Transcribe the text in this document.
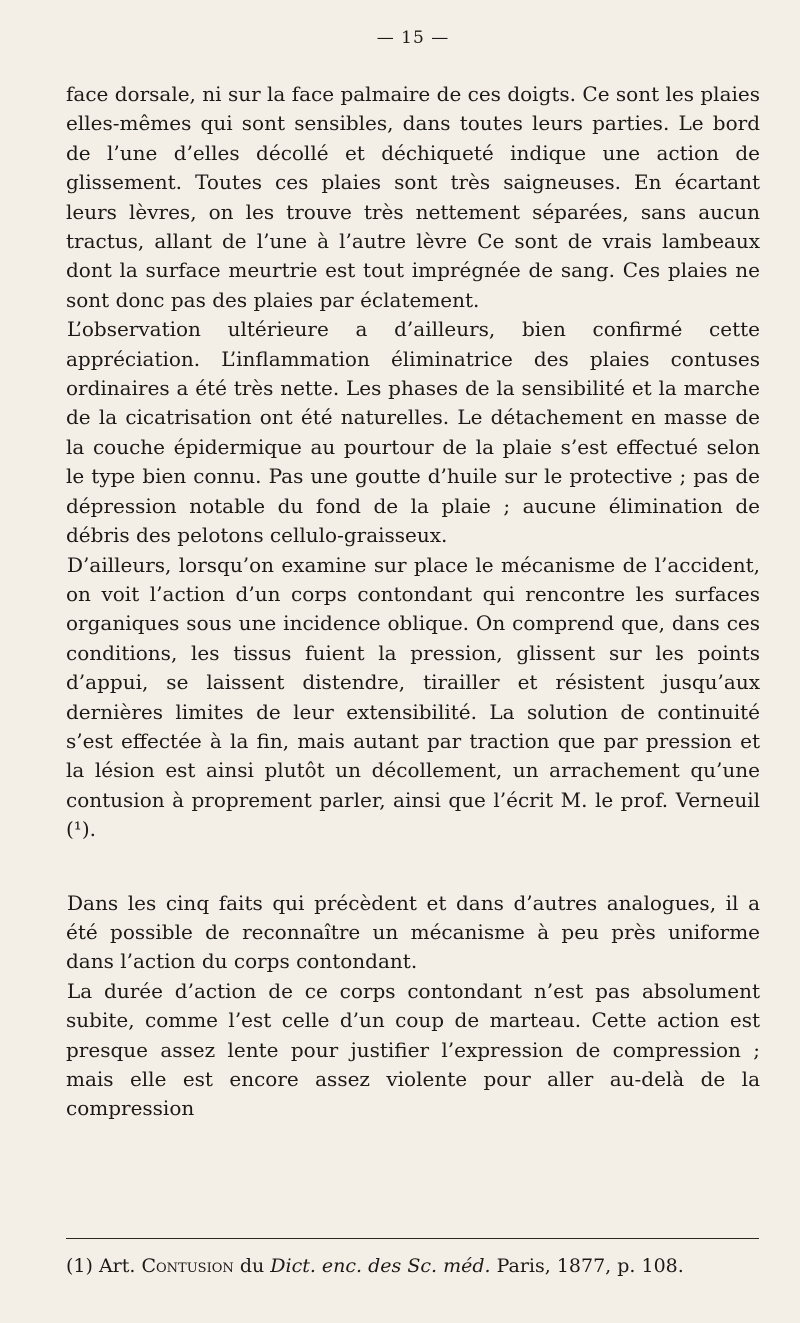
— 15 —

face dorsale, ni sur la face palmaire de ces doigts. Ce sont les plaies elles-mêmes qui sont sensibles, dans toutes leurs parties. Le bord de l’une d’elles décollé et déchiqueté indique une action de glissement. Toutes ces plaies sont très saigneuses. En écartant leurs lèvres, on les trouve très nettement séparées, sans aucun tractus, allant de l’une à l’autre lèvre Ce sont de vrais lambeaux dont la surface meurtrie est tout imprégnée de sang. Ces plaies ne sont donc pas des plaies par éclatement.

L’observation ultérieure a d’ailleurs, bien confirmé cette appréciation. L’inflammation éliminatrice des plaies contuses ordinaires a été très nette. Les phases de la sensibilité et la marche de la cicatrisation ont été naturelles. Le détachement en masse de la couche épidermique au pourtour de la plaie s’est effectué selon le type bien connu. Pas une goutte d’huile sur le protective ; pas de dépression notable du fond de la plaie ; aucune élimination de débris des pelotons cellulo-graisseux.

D’ailleurs, lorsqu’on examine sur place le mécanisme de l’accident, on voit l’action d’un corps contondant qui rencontre les surfaces organiques sous une incidence oblique. On comprend que, dans ces conditions, les tissus fuient la pression, glissent sur les points d’appui, se laissent distendre, tirailler et résistent jusqu’aux dernières limites de leur extensibilité. La solution de continuité s’est effectée à la fin, mais autant par traction que par pression et la lésion est ainsi plutôt un décollement, un arrachement qu’une contusion à proprement parler, ainsi que l’écrit M. le prof. Verneuil (¹).

Dans les cinq faits qui précèdent et dans d’autres analogues, il a été possible de reconnaître un mécanisme à peu près uniforme dans l’action du corps contondant.

La durée d’action de ce corps contondant n’est pas absolument subite, comme l’est celle d’un coup de marteau. Cette action est presque assez lente pour justifier l’expression de compression ; mais elle est encore assez violente pour aller au-delà de la compression

(1) Art. Contusion du Dict. enc. des Sc. méd. Paris, 1877, p. 108.
